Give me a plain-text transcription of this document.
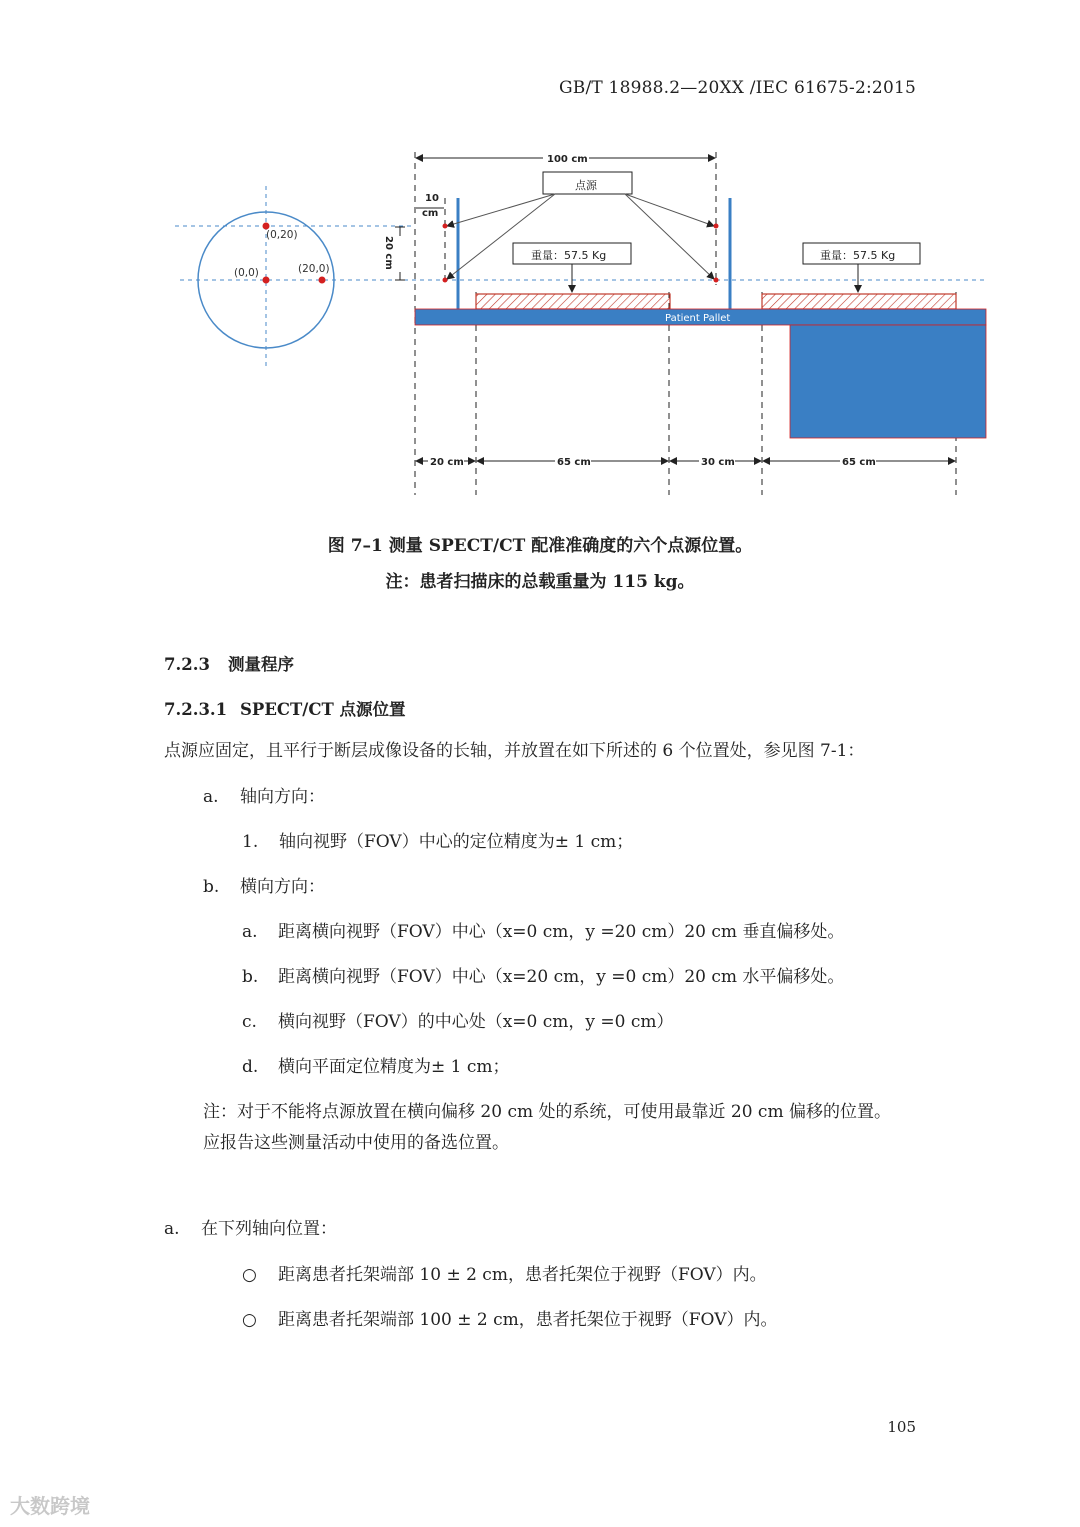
GB/T 18988.2—20XX /IEC 61675-2:2015
(0,20)
(0,0)	(20,0)	20 cm
100 cm
10
cm
点源
重量：57.5 Kg	重量：57.5 Kg
Patient Pallet
20 cm	65 cm	30 cm	65 cm
图 7–1 测量 SPECT/CT 配准准确度的六个点源位置。
注：患者扫描床的总载重量为 115 kg。
7.2.3 测量程序
7.2.3.1 SPECT/CT 点源位置
点源应固定，且平行于断层成像设备的长轴，并放置在如下所述的 6 个位置处，参见图 7-1：
a. 轴向方向：
1. 轴向视野（FOV）中心的定位精度为± 1 cm；
b. 横向方向：
a. 距离横向视野（FOV）中心（x=0 cm，y =20 cm）20 cm 垂直偏移处。
b. 距离横向视野（FOV）中心（x=20 cm，y =0 cm）20 cm 水平偏移处。
c. 横向视野（FOV）的中心处（x=0 cm，y =0 cm）
d. 横向平面定位精度为± 1 cm；
注：对于不能将点源放置在横向偏移 20 cm 处的系统，可使用最靠近 20 cm 偏移的位置。
应报告这些测量活动中使用的备选位置。
a. 在下列轴向位置：
○ 距离患者托架端部 10 ± 2 cm，患者托架位于视野（FOV）内。
○ 距离患者托架端部 100 ± 2 cm，患者托架位于视野（FOV）内。
105
大数跨境
